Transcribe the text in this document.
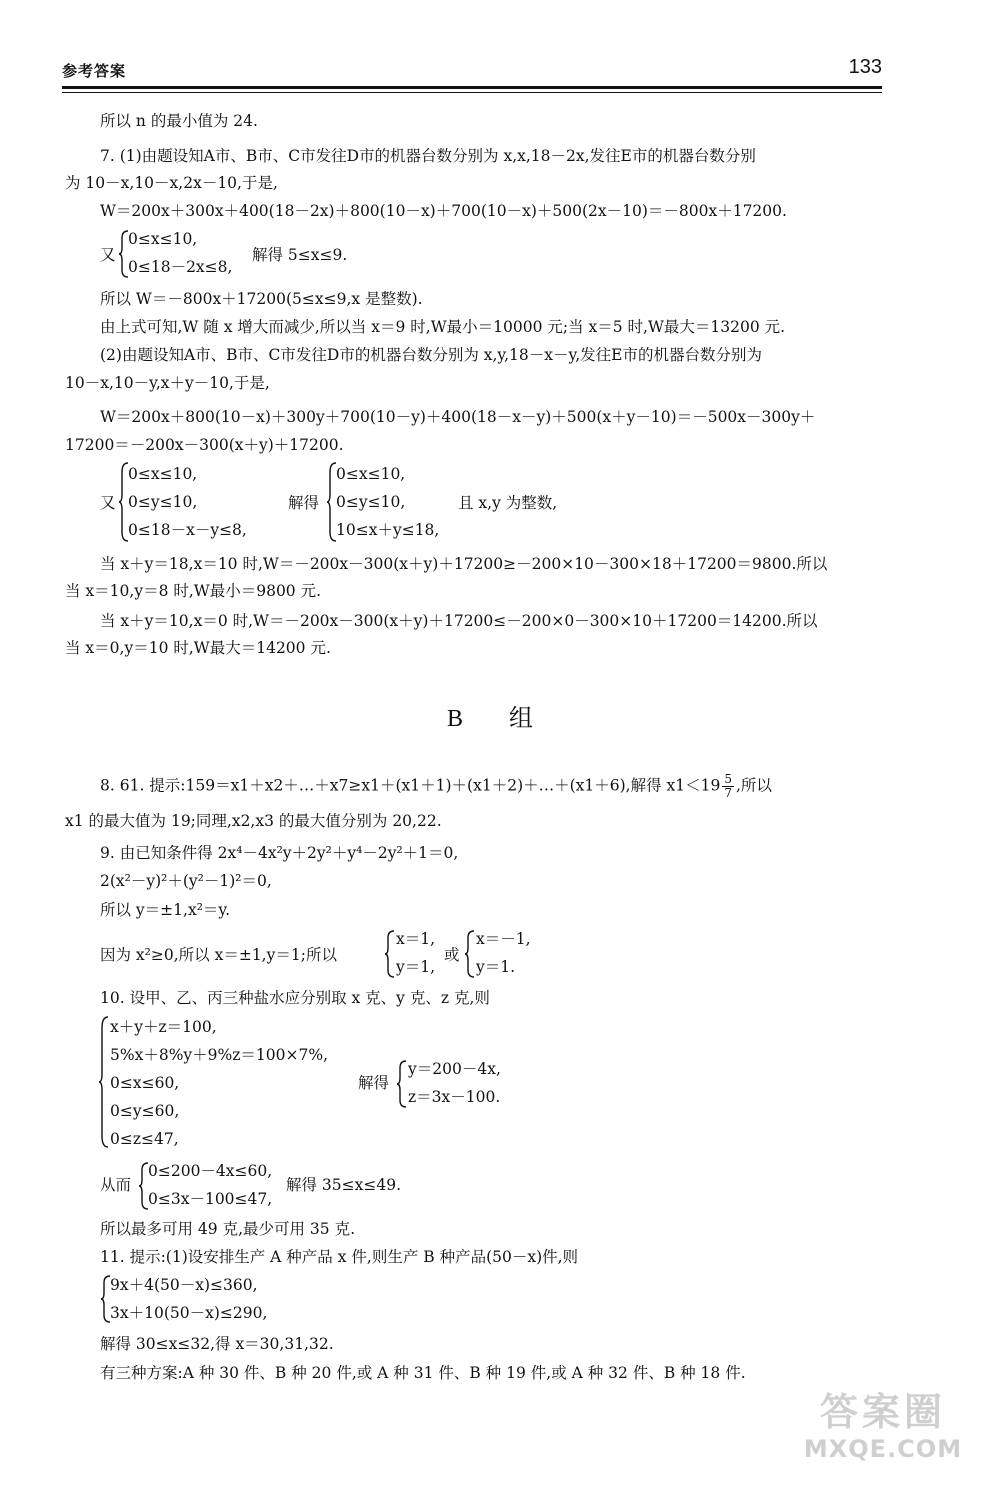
参考答案	133
所以 n 的最小值为 24.
7. (1)由题设知A市、B市、C市发往D市的机器台数分别为 x,x,18－2x,发往E市的机器台数分别
为 10－x,10－x,2x－10,于是,
W＝200x＋300x＋400(18－2x)＋800(10－x)＋700(10－x)＋500(2x－10)＝－800x＋17200.
又
0≤x≤10,
0≤18－2x≤8,
解得 5≤x≤9.
所以 W＝－800x＋17200(5≤x≤9,x 是整数).
由上式可知,W 随 x 增大而减少,所以当 x＝9 时,W最小＝10000 元;当 x＝5 时,W最大＝13200 元.
(2)由题设知A市、B市、C市发往D市的机器台数分别为 x,y,18－x－y,发往E市的机器台数分别为
10－x,10－y,x＋y－10,于是,
W＝200x＋800(10－x)＋300y＋700(10－y)＋400(18－x－y)＋500(x＋y－10)＝－500x－300y＋
17200＝－200x－300(x＋y)＋17200.
又
0≤x≤10,
0≤y≤10,
0≤18－x－y≤8,
解得
0≤x≤10,
0≤y≤10,
10≤x＋y≤18,
且 x,y 为整数,
当 x＋y＝18,x＝10 时,W＝－200x－300(x＋y)＋17200≥－200×10－300×18＋17200＝9800.所以
当 x＝10,y＝8 时,W最小＝9800 元.
当 x＋y＝10,x＝0 时,W＝－200x－300(x＋y)＋17200≤－200×0－300×10＋17200＝14200.所以
当 x＝0,y＝10 时,W最大＝14200 元.
B 组
8. 61. 提示:159＝x1＋x2＋…＋x7≥x1＋(x1＋1)＋(x1＋2)＋…＋(x1＋6),解得 $x1<19 \frac{5}{7}$ ,所以
x1 的最大值为 19;同理,x2,x3 的最大值分别为 20,22.
9. 由已知条件得 2x⁴－4x²y＋2y²＋y⁴－2y²＋1＝0,
2(x²－y)²＋(y²－1)²＝0,
所以 y＝±1,x²＝y.
因为 x²≥0,所以 x＝±1,y＝1;所以
x＝1,
y＝1,
或
x＝－1,
y＝1.
10. 设甲、乙、丙三种盐水应分别取 x 克、y 克、z 克,则
x＋y＋z＝100,
5%x＋8%y＋9%z＝100×7%,
0≤x≤60,
0≤y≤60,
0≤z≤47,
解得
y＝200－4x,
z＝3x－100.
从而
0≤200－4x≤60,
0≤3x－100≤47,
解得 35≤x≤49.
所以最多可用 49 克,最少可用 35 克.
11. 提示:(1)设安排生产 A 种产品 x 件,则生产 B 种产品(50－x)件,则
9x＋4(50－x)≤360,
3x＋10(50－x)≤290,
解得 30≤x≤32,得 x＝30,31,32.
有三种方案:A 种 30 件、B 种 20 件,或 A 种 31 件、B 种 19 件,或 A 种 32 件、B 种 18 件.
答案圈
MXQE.COM
